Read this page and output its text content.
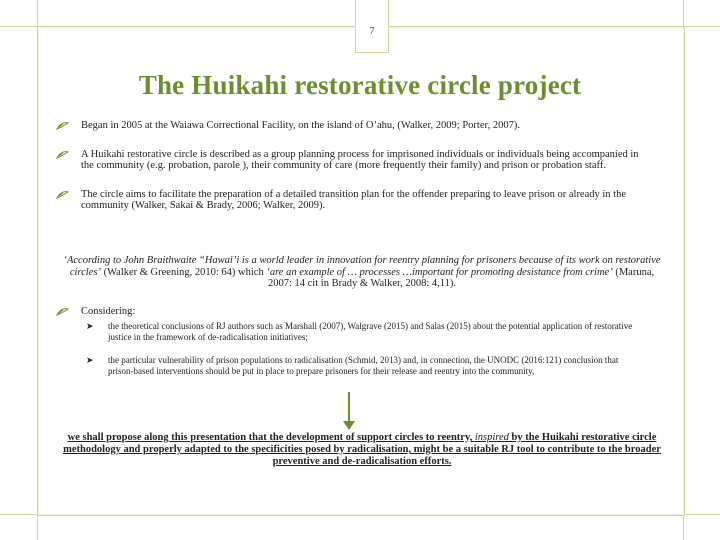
7
The Huikahi restorative circle project
Began in 2005 at the Waiawa Correctional Facility, on the island of O’ahu, (Walker, 2009; Porter, 2007).
A Huikahi restorative circle is described as a group planning process for imprisoned individuals or individuals being accompanied in the community (e.g. probation, parole ), their community of care (more frequently their family) and prison or probation staff.
The circle aims to facilitate the preparation of a detailed transition plan for the offender preparing to leave prison or already in the community (Walker, Sakai & Brady, 2006; Walker, 2009).
‘According to John Braithwaite “Hawai’i is a world leader in innovation for reentry planning for prisoners because of its work on restorative circles’ (Walker & Greening, 2010: 64) which ‘are an example of … processes …important for promoting desistance from crime’ (Maruna, 2007: 14 cit in Brady & Walker, 2008: 4,11).
Considering:
➤ the theoretical conclusions of RJ authors such as Marshall (2007), Walgrave (2015) and Salas (2015) about the potential application of restorative justice in the framework of de-radicalisation initiatives;
➤ the particular vulnerability of prison populations to radicalisation (Schmid, 2013) and, in connection, the UNODC (2016:121) conclusion that prison-based interventions should be put in place to prepare prisoners for their release and reentry into the community,
we shall propose along this presentation that the development of support circles to reentry, inspired by the Huikahi restorative circle methodology and properly adapted to the specificities posed by radicalisation, might be a suitable RJ tool to contribute to the broader preventive and de-radicalisation efforts.
